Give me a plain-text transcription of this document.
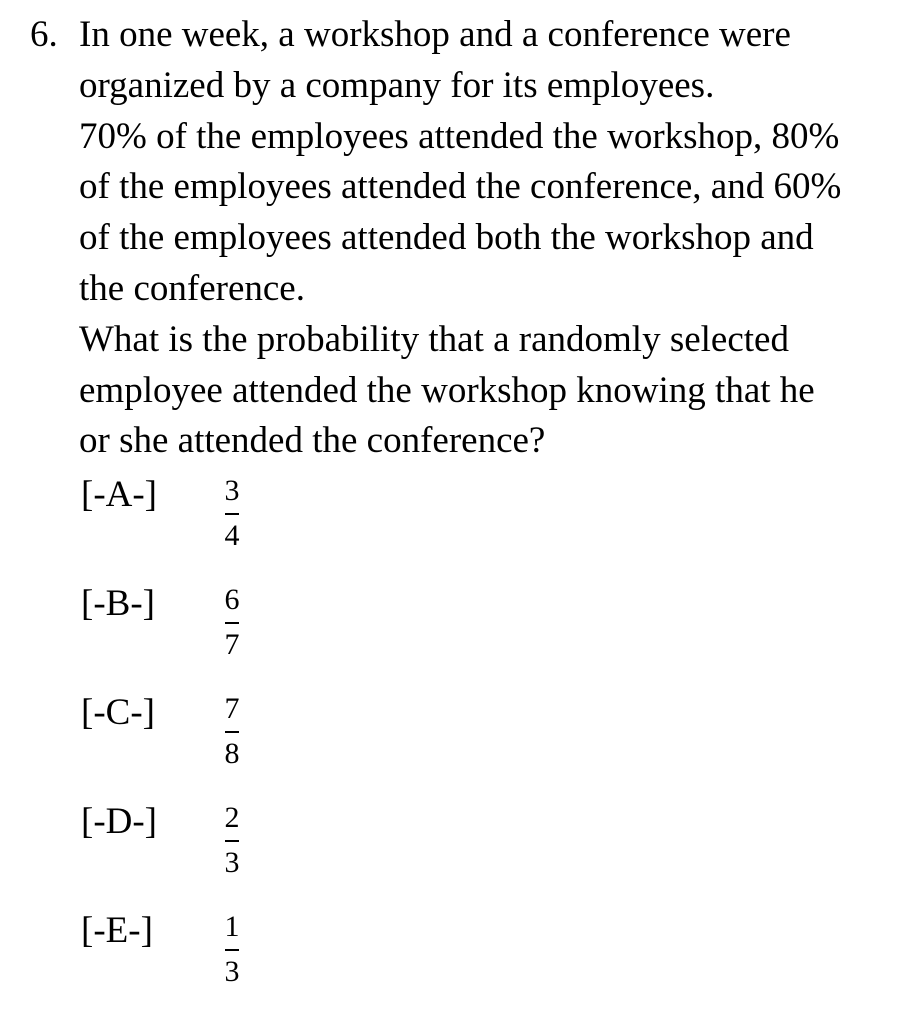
6. In one week, a workshop and a conference were
organized by a company for its employees.
70% of the employees attended the workshop, 80%
of the employees attended the conference, and 60%
of the employees attended both the workshop and
the conference.
What is the probability that a randomly selected
employee attended the workshop knowing that he
or she attended the conference?
[-A-] 3
4
[-B-] 6
7
[-C-] 7
8
[-D-] 2
3
[-E-] 1
3
